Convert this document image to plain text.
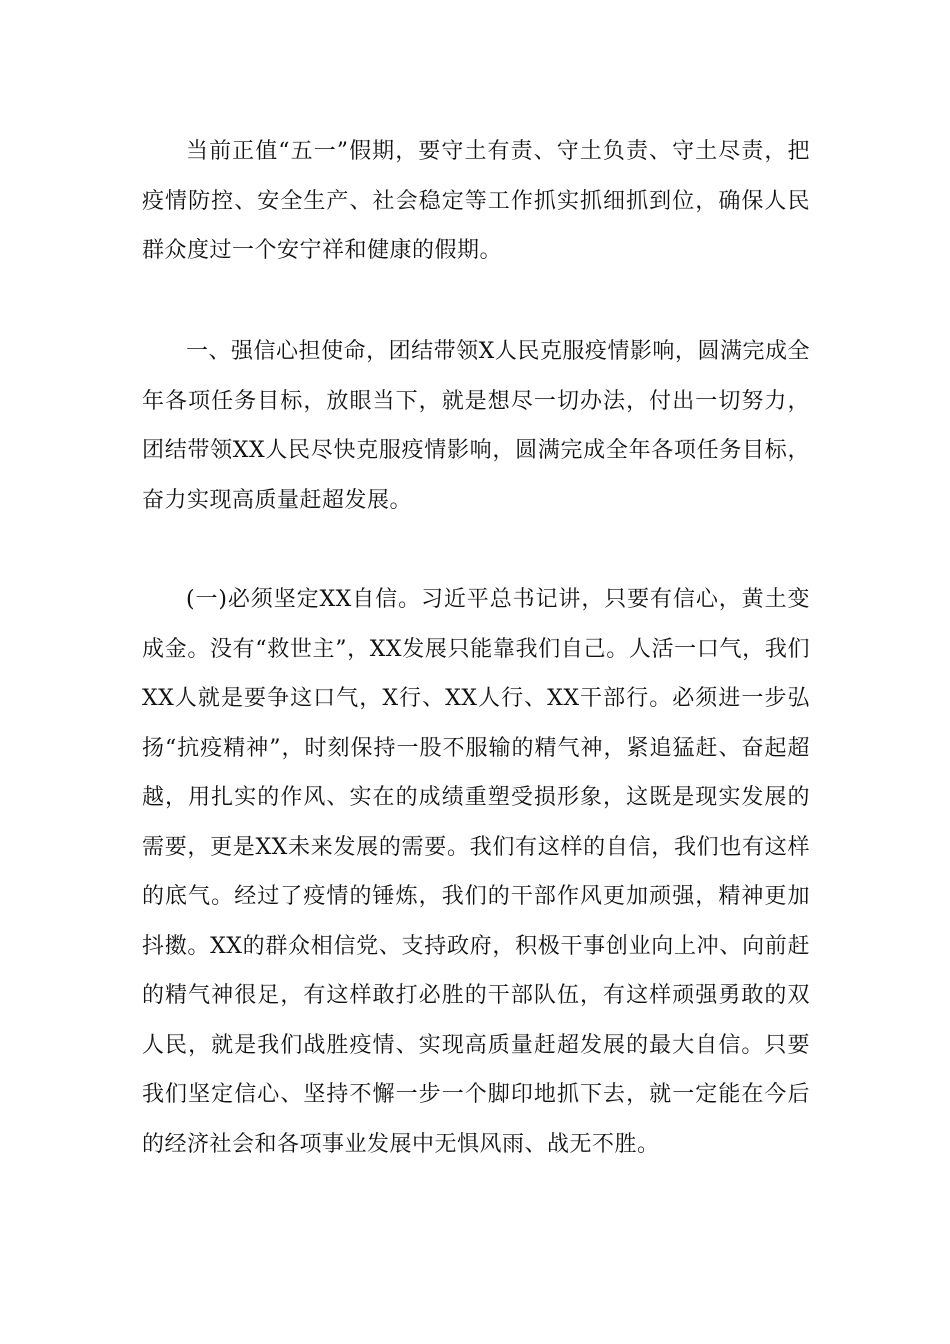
当前正值“五一”假期，要守土有责、守土负责、守土尽责，把疫情防控、安全生产、社会稳定等工作抓实抓细抓到位，确保人民群众度过一个安宁祥和健康的假期。

一、强信心担使命，团结带领X人民克服疫情影响，圆满完成全年各项任务目标，放眼当下，就是想尽一切办法，付出一切努力，团结带领XX人民尽快克服疫情影响，圆满完成全年各项任务目标，奋力实现高质量赶超发展。

(一)必须坚定XX自信。习近平总书记讲，只要有信心，黄土变成金。没有“救世主”，XX发展只能靠我们自己。人活一口气，我们XX人就是要争这口气，X行、XX人行、XX干部行。必须进一步弘扬“抗疫精神”，时刻保持一股不服输的精气神，紧追猛赶、奋起超越，用扎实的作风、实在的成绩重塑受损形象，这既是现实发展的需要，更是XX未来发展的需要。我们有这样的自信，我们也有这样的底气。经过了疫情的锤炼，我们的干部作风更加顽强，精神更加抖擞。XX的群众相信党、支持政府，积极干事创业向上冲、向前赶的精气神很足，有这样敢打必胜的干部队伍，有这样顽强勇敢的双人民，就是我们战胜疫情、实现高质量赶超发展的最大自信。只要我们坚定信心、坚持不懈一步一个脚印地抓下去，就一定能在今后的经济社会和各项事业发展中无惧风雨、战无不胜。
